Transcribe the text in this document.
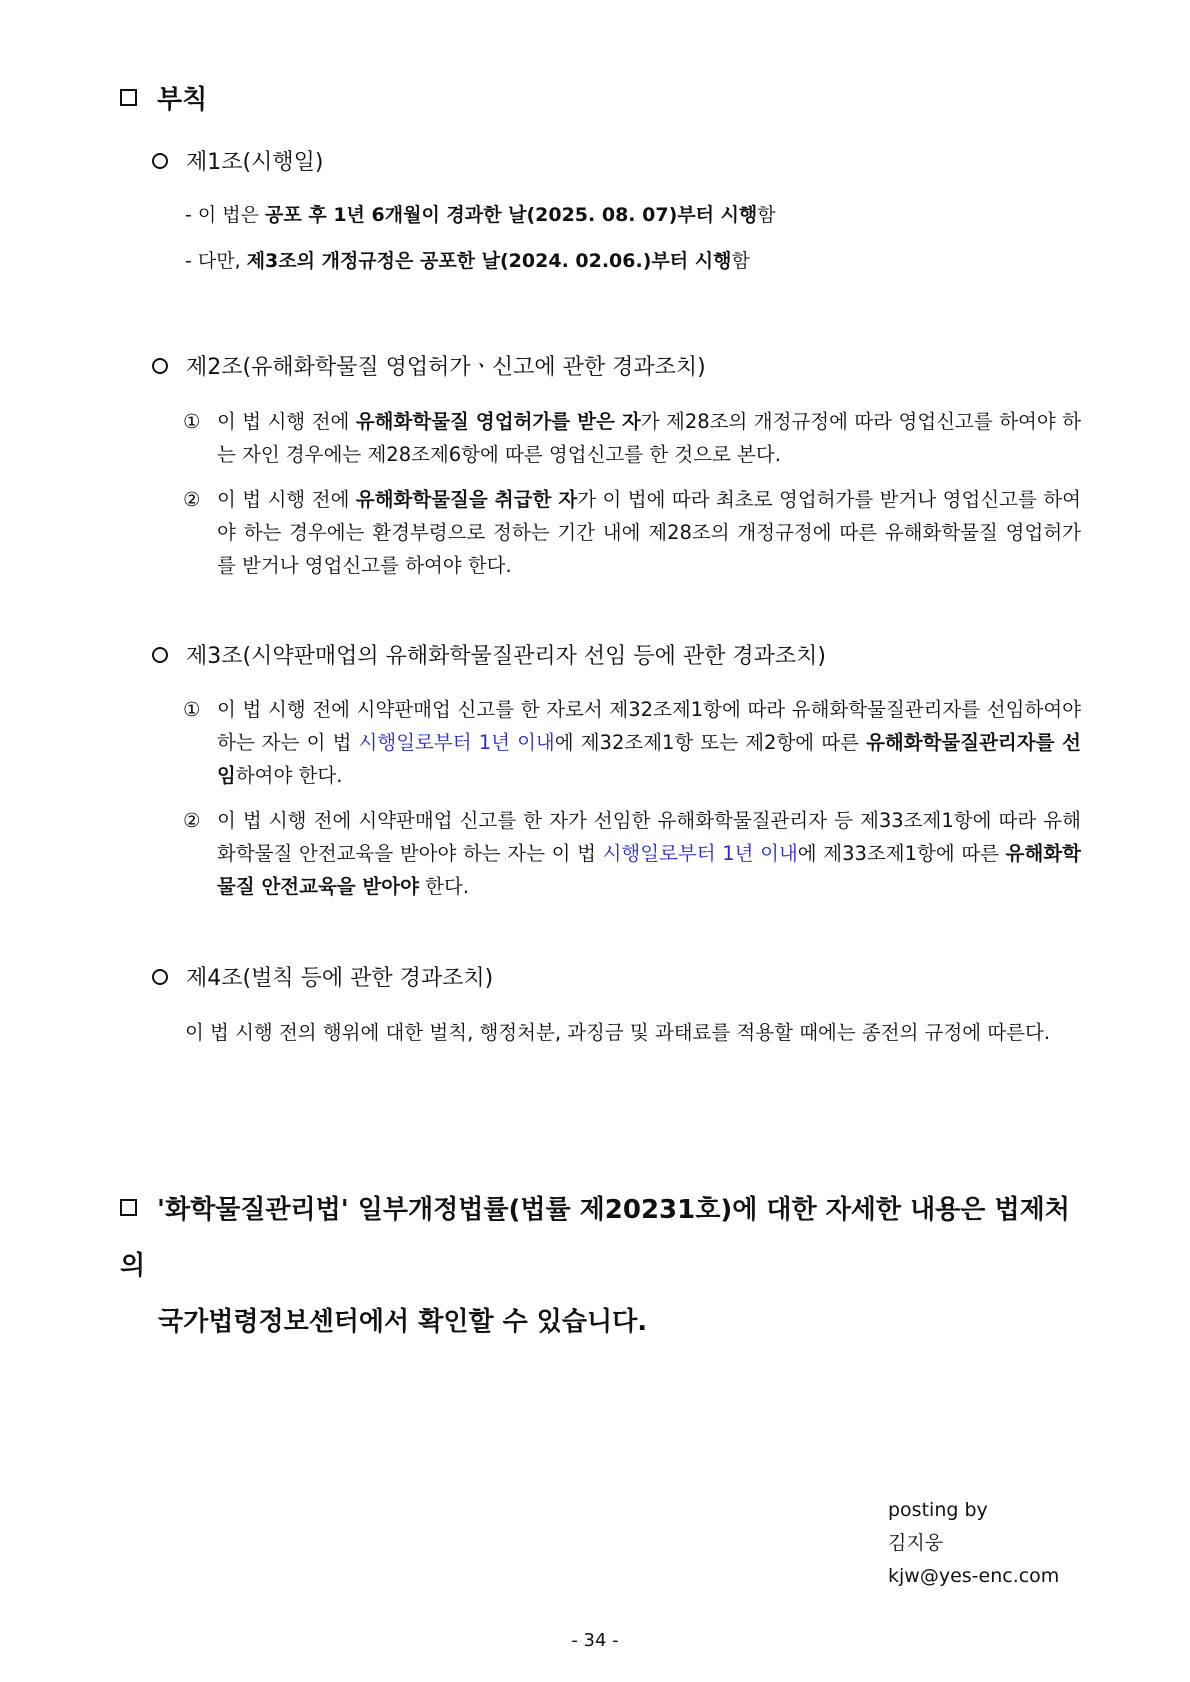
부칙
제1조(시행일)
- 이 법은 공포 후 1년 6개월이 경과한 날(2025. 08. 07)부터 시행함
- 다만, 제3조의 개정규정은 공포한 날(2024. 02.06.)부터 시행함
제2조(유해화학물질 영업허가ㆍ신고에 관한 경과조치)
① 이 법 시행 전에 유해화학물질 영업허가를 받은 자가 제28조의 개정규정에 따라 영업신고를 하여야 하는 자인 경우에는 제28조제6항에 따른 영업신고를 한 것으로 본다.
② 이 법 시행 전에 유해화학물질을 취급한 자가 이 법에 따라 최초로 영업허가를 받거나 영업신고를 하여야 하는 경우에는 환경부령으로 정하는 기간 내에 제28조의 개정규정에 따른 유해화학물질 영업허가를 받거나 영업신고를 하여야 한다.
제3조(시약판매업의 유해화학물질관리자 선임 등에 관한 경과조치)
① 이 법 시행 전에 시약판매업 신고를 한 자로서 제32조제1항에 따라 유해화학물질관리자를 선임하여야 하는 자는 이 법 시행일로부터 1년 이내에 제32조제1항 또는 제2항에 따른 유해화학물질관리자를 선임하여야 한다.
② 이 법 시행 전에 시약판매업 신고를 한 자가 선임한 유해화학물질관리자 등 제33조제1항에 따라 유해화학물질 안전교육을 받아야 하는 자는 이 법 시행일로부터 1년 이내에 제33조제1항에 따른 유해화학물질 안전교육을 받아야 한다.
제4조(벌칙 등에 관한 경과조치)
이 법 시행 전의 행위에 대한 벌칙, 행정처분, 과징금 및 과태료를 적용할 때에는 종전의 규정에 따른다.
'화학물질관리법' 일부개정법률(법률 제20231호)에 대한 자세한 내용은 법제처의
국가법령정보센터에서 확인할 수 있습니다.
posting by
김지웅
kjw@yes-enc.com
- 34 -
